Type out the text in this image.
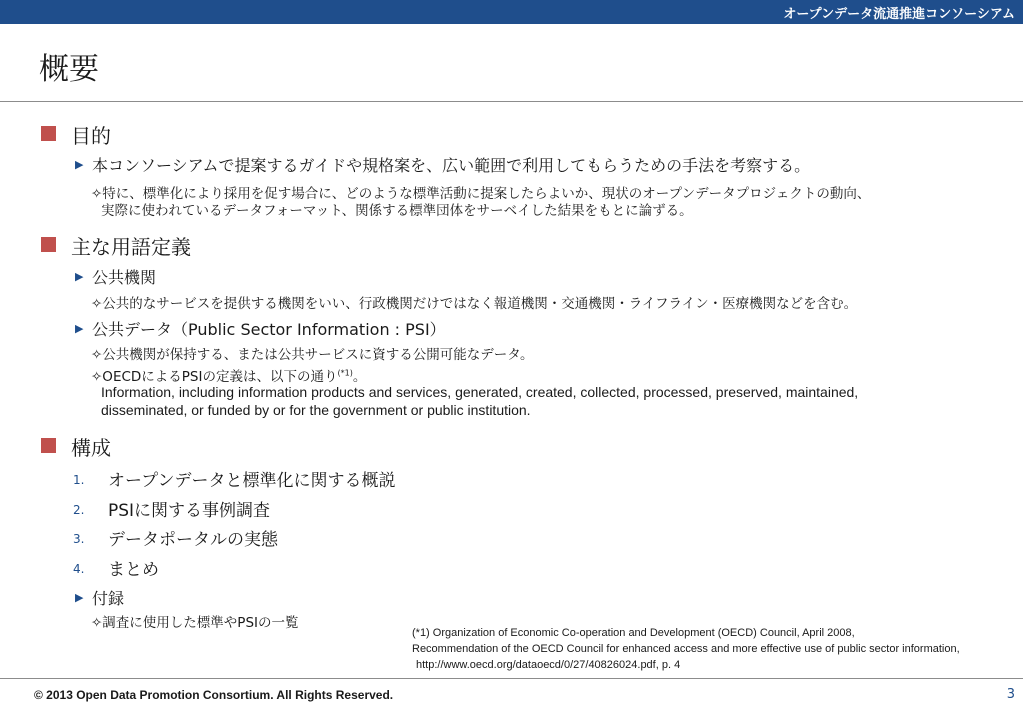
オープンデータ流通推進コンソーシアム
概要
目的
▶ 本コンソーシアムで提案するガイドや規格案を、広い範囲で利用してもらうための手法を考察する。
✧特に、標準化により採用を促す場合に、どのような標準活動に提案したらよいか、現状のオープンデータプロジェクトの動向、
実際に使われているデータフォーマット、関係する標準団体をサーベイした結果をもとに論ずる。
主な用語定義
▶ 公共機関
✧公共的なサービスを提供する機関をいい、行政機関だけではなく報道機関・交通機関・ライフライン・医療機関などを含む。
▶ 公共データ（Public Sector Information : PSI）
✧公共機関が保持する、または公共サービスに資する公開可能なデータ。
✧OECDによるPSIの定義は、以下の通り$^{(*1)}$。
Information, including information products and services, generated, created, collected, processed, preserved, maintained,
disseminated, or funded by or for the government or public institution.
構成
1. オープンデータと標準化に関する概説
2. PSIに関する事例調査
3. データポータルの実態
4. まとめ
▶ 付録
✧調査に使用した標準やPSIの一覧
(*1) Organization of Economic Co-operation and Development (OECD) Council, April 2008,
Recommendation of the OECD Council for enhanced access and more effective use of public sector information,
http://www.oecd.org/dataoecd/0/27/40826024.pdf, p. 4
© 2013 Open Data Promotion Consortium. All Rights Reserved.	3
